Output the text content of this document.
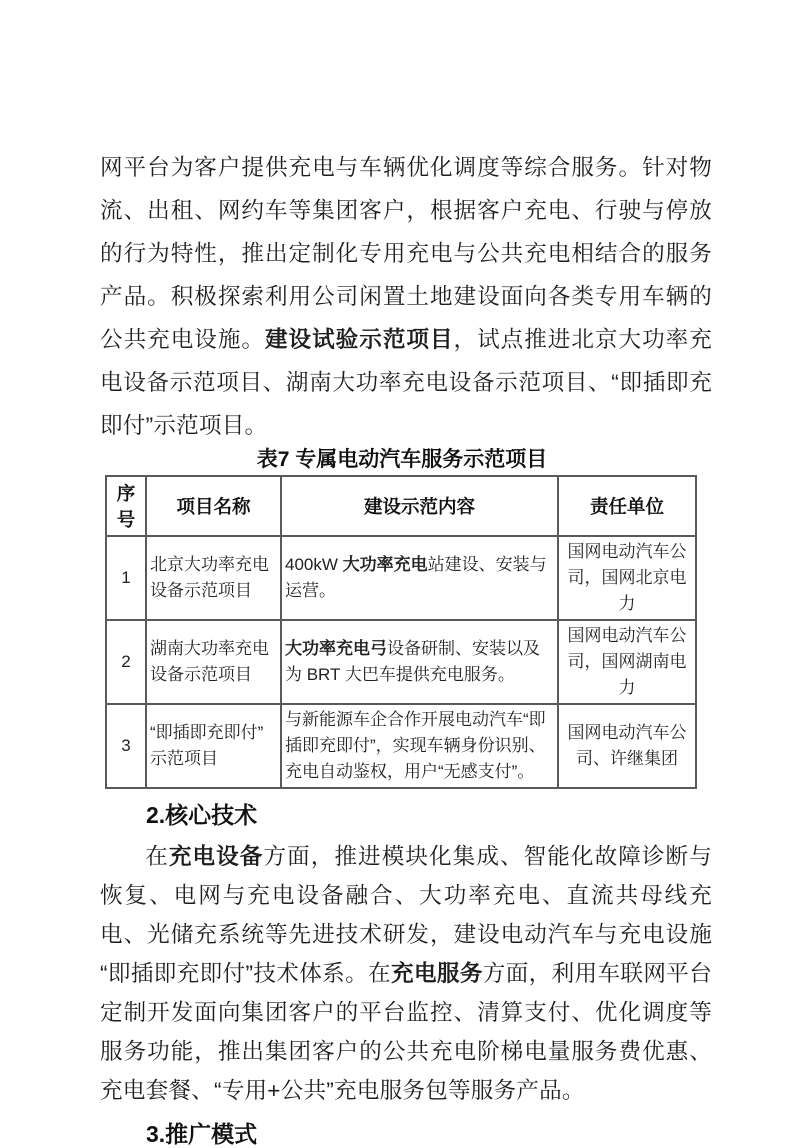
网平台为客户提供充电与车辆优化调度等综合服务。针对物流、出租、网约车等集团客户，根据客户充电、行驶与停放的行为特性，推出定制化专用充电与公共充电相结合的服务产品。积极探索利用公司闲置土地建设面向各类专用车辆的公共充电设施。建设试验示范项目，试点推进北京大功率充电设备示范项目、湖南大功率充电设备示范项目、“即插即充即付”示范项目。

表7 专属电动汽车服务示范项目
序号	项目名称	建设示范内容	责任单位
1	北京大功率充电设备示范项目	400kW 大功率充电站建设、安装与运营。	国网电动汽车公司，国网北京电力
2	湖南大功率充电设备示范项目	大功率充电弓设备研制、安装以及为 BRT 大巴车提供充电服务。	国网电动汽车公司，国网湖南电力
3	“即插即充即付”示范项目	与新能源车企合作开展电动汽车“即插即充即付”，实现车辆身份识别、充电自动鉴权，用户“无感支付”。	国网电动汽车公司、许继集团
2.核心技术

在充电设备方面，推进模块化集成、智能化故障诊断与恢复、电网与充电设备融合、大功率充电、直流共母线充电、光储充系统等先进技术研发，建设电动汽车与充电设施“即插即充即付”技术体系。在充电服务方面，利用车联网平台定制开发面向集团客户的平台监控、清算支付、优化调度等服务功能，推出集团客户的公共充电阶梯电量服务费优惠、充电套餐、“专用+公共”充电服务包等服务产品。

3.推广模式
